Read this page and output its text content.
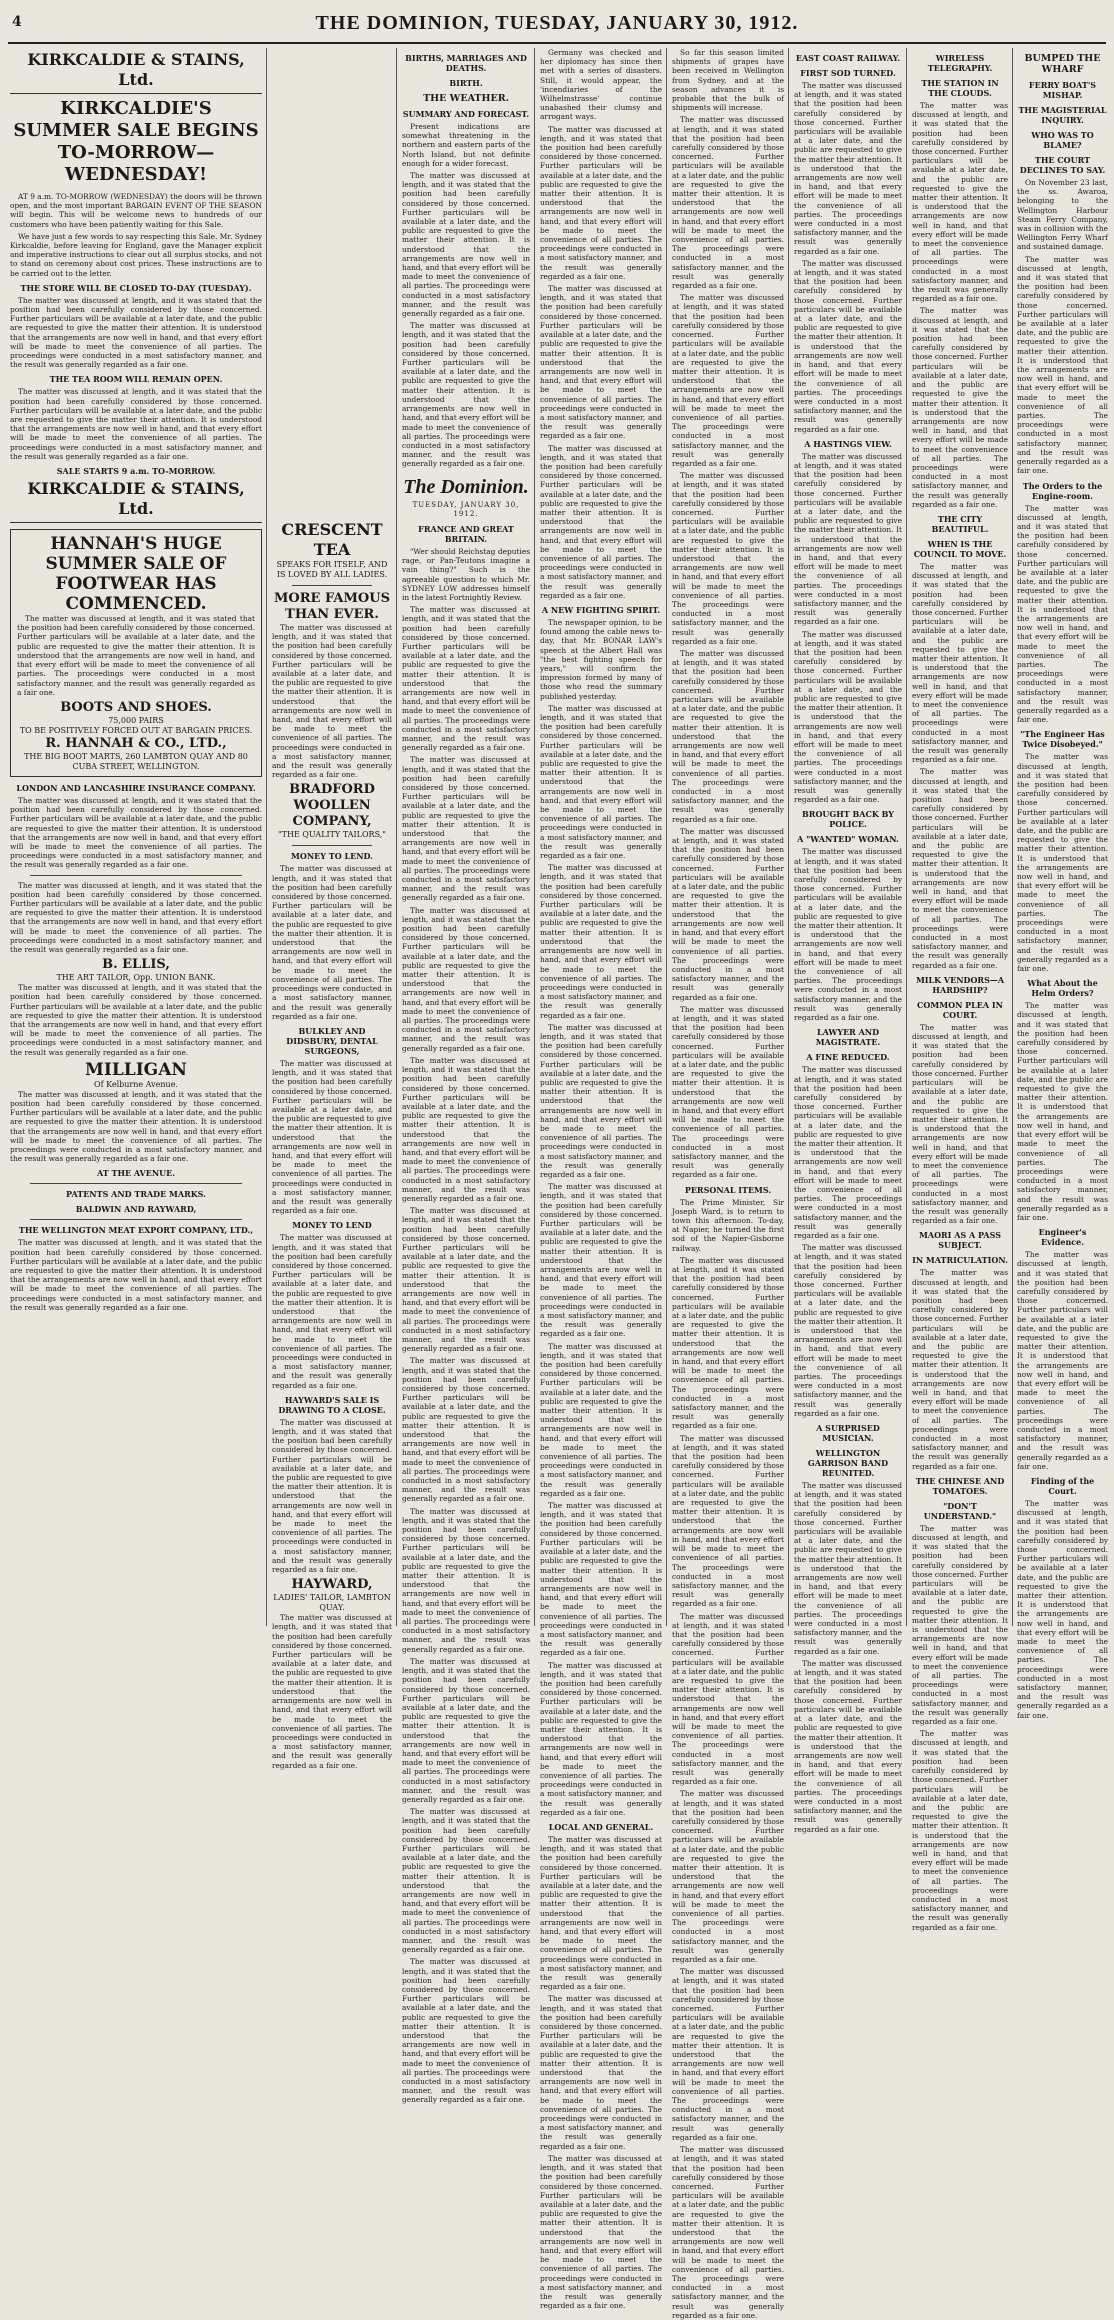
4	THE DOMINION, TUESDAY, JANUARY 30, 1912.
KIRKCALDIE & STAINS, Ltd.
KIRKCALDIE'S SUMMER SALE BEGINS TO-MORROW— WEDNESDAY!

AT 9 a.m. TO-MORROW (WEDNESDAY) the doors will be thrown open, and the most important BARGAIN EVENT OF THE SEASON will begin. This will be welcome news to hundreds of our customers who have been patiently waiting for this Sale.

We have just a few words to say respecting this Sale. Mr. Sydney Kirkcaldie, before leaving for England, gave the Manager explicit and imperative instructions to clear out all surplus stocks, and not to stand on ceremony about cost prices. These instructions are to be carried out to the letter.

THE STORE WILL BE CLOSED TO-DAY (TUESDAY).

The matter was discussed at length, and it was stated that the position had been carefully considered by those concerned. Further particulars will be available at a later date, and the public are requested to give the matter their attention. It is understood that the arrangements are now well in hand, and that every effort will be made to meet the convenience of all parties. The proceedings were conducted in a most satisfactory manner, and the result was generally regarded as a fair one.

THE TEA ROOM WILL REMAIN OPEN.

The matter was discussed at length, and it was stated that the position had been carefully considered by those concerned. Further particulars will be available at a later date, and the public are requested to give the matter their attention. It is understood that the arrangements are now well in hand, and that every effort will be made to meet the convenience of all parties. The proceedings were conducted in a most satisfactory manner, and the result was generally regarded as a fair one.

SALE STARTS 9 a.m. TO-MORROW.
KIRKCALDIE & STAINS, Ltd.
HANNAH'S HUGE SUMMER SALE OF FOOTWEAR HAS COMMENCED.

The matter was discussed at length, and it was stated that the position had been carefully considered by those concerned. Further particulars will be available at a later date, and the public are requested to give the matter their attention. It is understood that the arrangements are now well in hand, and that every effort will be made to meet the convenience of all parties. The proceedings were conducted in a most satisfactory manner, and the result was generally regarded as a fair one.

BOOTS AND SHOES.
75,000 PAIRS
TO BE POSITIVELY FORCED OUT AT BARGAIN PRICES.
R. HANNAH & CO., LTD.,
THE BIG BOOT MARTS, 260 LAMBTON QUAY AND 80 CUBA STREET, WELLINGTON.
LONDON AND LANCASHIRE INSURANCE COMPANY.

The matter was discussed at length, and it was stated that the position had been carefully considered by those concerned. Further particulars will be available at a later date, and the public are requested to give the matter their attention. It is understood that the arrangements are now well in hand, and that every effort will be made to meet the convenience of all parties. The proceedings were conducted in a most satisfactory manner, and the result was generally regarded as a fair one.

The matter was discussed at length, and it was stated that the position had been carefully considered by those concerned. Further particulars will be available at a later date, and the public are requested to give the matter their attention. It is understood that the arrangements are now well in hand, and that every effort will be made to meet the convenience of all parties. The proceedings were conducted in a most satisfactory manner, and the result was generally regarded as a fair one.

B. ELLIS,
THE ART TAILOR, Opp. UNION BANK.

The matter was discussed at length, and it was stated that the position had been carefully considered by those concerned. Further particulars will be available at a later date, and the public are requested to give the matter their attention. It is understood that the arrangements are now well in hand, and that every effort will be made to meet the convenience of all parties. The proceedings were conducted in a most satisfactory manner, and the result was generally regarded as a fair one.

MILLIGAN
Of Kelburne Avenue.

The matter was discussed at length, and it was stated that the position had been carefully considered by those concerned. Further particulars will be available at a later date, and the public are requested to give the matter their attention. It is understood that the arrangements are now well in hand, and that every effort will be made to meet the convenience of all parties. The proceedings were conducted in a most satisfactory manner, and the result was generally regarded as a fair one.

AT THE AVENUE.
PATENTS AND TRADE MARKS.
BALDWIN AND RAYWARD,
THE WELLINGTON MEAT EXPORT COMPANY, LTD.,

The matter was discussed at length, and it was stated that the position had been carefully considered by those concerned. Further particulars will be available at a later date, and the public are requested to give the matter their attention. It is understood that the arrangements are now well in hand, and that every effort will be made to meet the convenience of all parties. The proceedings were conducted in a most satisfactory manner, and the result was generally regarded as a fair one.

CRESCENT TEA
SPEAKS FOR ITSELF, AND IS LOVED BY ALL LADIES.
MORE FAMOUS THAN EVER.

The matter was discussed at length, and it was stated that the position had been carefully considered by those concerned. Further particulars will be available at a later date, and the public are requested to give the matter their attention. It is understood that the arrangements are now well in hand, and that every effort will be made to meet the convenience of all parties. The proceedings were conducted in a most satisfactory manner, and the result was generally regarded as a fair one.

BRADFORD WOOLLEN COMPANY,
"THE QUALITY TAILORS,"
MONEY TO LEND.

The matter was discussed at length, and it was stated that the position had been carefully considered by those concerned. Further particulars will be available at a later date, and the public are requested to give the matter their attention. It is understood that the arrangements are now well in hand, and that every effort will be made to meet the convenience of all parties. The proceedings were conducted in a most satisfactory manner, and the result was generally regarded as a fair one.

BULKLEY AND DIDSBURY, DENTAL SURGEONS,

The matter was discussed at length, and it was stated that the position had been carefully considered by those concerned. Further particulars will be available at a later date, and the public are requested to give the matter their attention. It is understood that the arrangements are now well in hand, and that every effort will be made to meet the convenience of all parties. The proceedings were conducted in a most satisfactory manner, and the result was generally regarded as a fair one.

MONEY TO LEND

The matter was discussed at length, and it was stated that the position had been carefully considered by those concerned. Further particulars will be available at a later date, and the public are requested to give the matter their attention. It is understood that the arrangements are now well in hand, and that every effort will be made to meet the convenience of all parties. The proceedings were conducted in a most satisfactory manner, and the result was generally regarded as a fair one.

HAYWARD'S SALE IS DRAWING TO A CLOSE.

The matter was discussed at length, and it was stated that the position had been carefully considered by those concerned. Further particulars will be available at a later date, and the public are requested to give the matter their attention. It is understood that the arrangements are now well in hand, and that every effort will be made to meet the convenience of all parties. The proceedings were conducted in a most satisfactory manner, and the result was generally regarded as a fair one.

HAYWARD,
LADIES' TAILOR, LAMBTON QUAY.

The matter was discussed at length, and it was stated that the position had been carefully considered by those concerned. Further particulars will be available at a later date, and the public are requested to give the matter their attention. It is understood that the arrangements are now well in hand, and that every effort will be made to meet the convenience of all parties. The proceedings were conducted in a most satisfactory manner, and the result was generally regarded as a fair one.

BIRTHS, MARRIAGES AND DEATHS.
BIRTH.
THE WEATHER.
SUMMARY AND FORECAST.

Present indications are somewhat threatening in the northern and eastern parts of the North Island, but not definite enough for a wider forecast.

The matter was discussed at length, and it was stated that the position had been carefully considered by those concerned. Further particulars will be available at a later date, and the public are requested to give the matter their attention. It is understood that the arrangements are now well in hand, and that every effort will be made to meet the convenience of all parties. The proceedings were conducted in a most satisfactory manner, and the result was generally regarded as a fair one.

The matter was discussed at length, and it was stated that the position had been carefully considered by those concerned. Further particulars will be available at a later date, and the public are requested to give the matter their attention. It is understood that the arrangements are now well in hand, and that every effort will be made to meet the convenience of all parties. The proceedings were conducted in a most satisfactory manner, and the result was generally regarded as a fair one.

The Dominion.
TUESDAY, JANUARY 30, 1912.
FRANCE AND GREAT BRITAIN.

"Wer should Reichstag deputies rage, or Pan-Teutons imagine a vain thing?" Such is the agreeable question to which Mr. SYDNEY LOW addresses himself in the latest Fortnightly Review.

The matter was discussed at length, and it was stated that the position had been carefully considered by those concerned. Further particulars will be available at a later date, and the public are requested to give the matter their attention. It is understood that the arrangements are now well in hand, and that every effort will be made to meet the convenience of all parties. The proceedings were conducted in a most satisfactory manner, and the result was generally regarded as a fair one.

The matter was discussed at length, and it was stated that the position had been carefully considered by those concerned. Further particulars will be available at a later date, and the public are requested to give the matter their attention. It is understood that the arrangements are now well in hand, and that every effort will be made to meet the convenience of all parties. The proceedings were conducted in a most satisfactory manner, and the result was generally regarded as a fair one.

The matter was discussed at length, and it was stated that the position had been carefully considered by those concerned. Further particulars will be available at a later date, and the public are requested to give the matter their attention. It is understood that the arrangements are now well in hand, and that every effort will be made to meet the convenience of all parties. The proceedings were conducted in a most satisfactory manner, and the result was generally regarded as a fair one.

The matter was discussed at length, and it was stated that the position had been carefully considered by those concerned. Further particulars will be available at a later date, and the public are requested to give the matter their attention. It is understood that the arrangements are now well in hand, and that every effort will be made to meet the convenience of all parties. The proceedings were conducted in a most satisfactory manner, and the result was generally regarded as a fair one.

The matter was discussed at length, and it was stated that the position had been carefully considered by those concerned. Further particulars will be available at a later date, and the public are requested to give the matter their attention. It is understood that the arrangements are now well in hand, and that every effort will be made to meet the convenience of all parties. The proceedings were conducted in a most satisfactory manner, and the result was generally regarded as a fair one.

The matter was discussed at length, and it was stated that the position had been carefully considered by those concerned. Further particulars will be available at a later date, and the public are requested to give the matter their attention. It is understood that the arrangements are now well in hand, and that every effort will be made to meet the convenience of all parties. The proceedings were conducted in a most satisfactory manner, and the result was generally regarded as a fair one.

The matter was discussed at length, and it was stated that the position had been carefully considered by those concerned. Further particulars will be available at a later date, and the public are requested to give the matter their attention. It is understood that the arrangements are now well in hand, and that every effort will be made to meet the convenience of all parties. The proceedings were conducted in a most satisfactory manner, and the result was generally regarded as a fair one.

The matter was discussed at length, and it was stated that the position had been carefully considered by those concerned. Further particulars will be available at a later date, and the public are requested to give the matter their attention. It is understood that the arrangements are now well in hand, and that every effort will be made to meet the convenience of all parties. The proceedings were conducted in a most satisfactory manner, and the result was generally regarded as a fair one.

The matter was discussed at length, and it was stated that the position had been carefully considered by those concerned. Further particulars will be available at a later date, and the public are requested to give the matter their attention. It is understood that the arrangements are now well in hand, and that every effort will be made to meet the convenience of all parties. The proceedings were conducted in a most satisfactory manner, and the result was generally regarded as a fair one.

The matter was discussed at length, and it was stated that the position had been carefully considered by those concerned. Further particulars will be available at a later date, and the public are requested to give the matter their attention. It is understood that the arrangements are now well in hand, and that every effort will be made to meet the convenience of all parties. The proceedings were conducted in a most satisfactory manner, and the result was generally regarded as a fair one.

Germany was checked and her diplomacy has since then met with a series of disasters. Still, it would appear, the 'incendiaries of the Wilhelmstrasse' continue unabashed their clumsy and arrogant ways.

The matter was discussed at length, and it was stated that the position had been carefully considered by those concerned. Further particulars will be available at a later date, and the public are requested to give the matter their attention. It is understood that the arrangements are now well in hand, and that every effort will be made to meet the convenience of all parties. The proceedings were conducted in a most satisfactory manner, and the result was generally regarded as a fair one.

The matter was discussed at length, and it was stated that the position had been carefully considered by those concerned. Further particulars will be available at a later date, and the public are requested to give the matter their attention. It is understood that the arrangements are now well in hand, and that every effort will be made to meet the convenience of all parties. The proceedings were conducted in a most satisfactory manner, and the result was generally regarded as a fair one.

The matter was discussed at length, and it was stated that the position had been carefully considered by those concerned. Further particulars will be available at a later date, and the public are requested to give the matter their attention. It is understood that the arrangements are now well in hand, and that every effort will be made to meet the convenience of all parties. The proceedings were conducted in a most satisfactory manner, and the result was generally regarded as a fair one.

A NEW FIGHTING SPIRIT.

The newspaper opinion, to be found among the cable news to-day, that Mr. BONAR LAW's speech at the Albert Hall was "the best fighting speech for years," will confirm the impression formed by many of those who read the summary published yesterday.

The matter was discussed at length, and it was stated that the position had been carefully considered by those concerned. Further particulars will be available at a later date, and the public are requested to give the matter their attention. It is understood that the arrangements are now well in hand, and that every effort will be made to meet the convenience of all parties. The proceedings were conducted in a most satisfactory manner, and the result was generally regarded as a fair one.

The matter was discussed at length, and it was stated that the position had been carefully considered by those concerned. Further particulars will be available at a later date, and the public are requested to give the matter their attention. It is understood that the arrangements are now well in hand, and that every effort will be made to meet the convenience of all parties. The proceedings were conducted in a most satisfactory manner, and the result was generally regarded as a fair one.

The matter was discussed at length, and it was stated that the position had been carefully considered by those concerned. Further particulars will be available at a later date, and the public are requested to give the matter their attention. It is understood that the arrangements are now well in hand, and that every effort will be made to meet the convenience of all parties. The proceedings were conducted in a most satisfactory manner, and the result was generally regarded as a fair one.

The matter was discussed at length, and it was stated that the position had been carefully considered by those concerned. Further particulars will be available at a later date, and the public are requested to give the matter their attention. It is understood that the arrangements are now well in hand, and that every effort will be made to meet the convenience of all parties. The proceedings were conducted in a most satisfactory manner, and the result was generally regarded as a fair one.

The matter was discussed at length, and it was stated that the position had been carefully considered by those concerned. Further particulars will be available at a later date, and the public are requested to give the matter their attention. It is understood that the arrangements are now well in hand, and that every effort will be made to meet the convenience of all parties. The proceedings were conducted in a most satisfactory manner, and the result was generally regarded as a fair one.

The matter was discussed at length, and it was stated that the position had been carefully considered by those concerned. Further particulars will be available at a later date, and the public are requested to give the matter their attention. It is understood that the arrangements are now well in hand, and that every effort will be made to meet the convenience of all parties. The proceedings were conducted in a most satisfactory manner, and the result was generally regarded as a fair one.

The matter was discussed at length, and it was stated that the position had been carefully considered by those concerned. Further particulars will be available at a later date, and the public are requested to give the matter their attention. It is understood that the arrangements are now well in hand, and that every effort will be made to meet the convenience of all parties. The proceedings were conducted in a most satisfactory manner, and the result was generally regarded as a fair one.

LOCAL AND GENERAL.

The matter was discussed at length, and it was stated that the position had been carefully considered by those concerned. Further particulars will be available at a later date, and the public are requested to give the matter their attention. It is understood that the arrangements are now well in hand, and that every effort will be made to meet the convenience of all parties. The proceedings were conducted in a most satisfactory manner, and the result was generally regarded as a fair one.

The matter was discussed at length, and it was stated that the position had been carefully considered by those concerned. Further particulars will be available at a later date, and the public are requested to give the matter their attention. It is understood that the arrangements are now well in hand, and that every effort will be made to meet the convenience of all parties. The proceedings were conducted in a most satisfactory manner, and the result was generally regarded as a fair one.

The matter was discussed at length, and it was stated that the position had been carefully considered by those concerned. Further particulars will be available at a later date, and the public are requested to give the matter their attention. It is understood that the arrangements are now well in hand, and that every effort will be made to meet the convenience of all parties. The proceedings were conducted in a most satisfactory manner, and the result was generally regarded as a fair one.

So far this season limited shipments of grapes have been received in Wellington from Sydney, and at the season advances it is probable that the bulk of shipments will increase.

The matter was discussed at length, and it was stated that the position had been carefully considered by those concerned. Further particulars will be available at a later date, and the public are requested to give the matter their attention. It is understood that the arrangements are now well in hand, and that every effort will be made to meet the convenience of all parties. The proceedings were conducted in a most satisfactory manner, and the result was generally regarded as a fair one.

The matter was discussed at length, and it was stated that the position had been carefully considered by those concerned. Further particulars will be available at a later date, and the public are requested to give the matter their attention. It is understood that the arrangements are now well in hand, and that every effort will be made to meet the convenience of all parties. The proceedings were conducted in a most satisfactory manner, and the result was generally regarded as a fair one.

The matter was discussed at length, and it was stated that the position had been carefully considered by those concerned. Further particulars will be available at a later date, and the public are requested to give the matter their attention. It is understood that the arrangements are now well in hand, and that every effort will be made to meet the convenience of all parties. The proceedings were conducted in a most satisfactory manner, and the result was generally regarded as a fair one.

The matter was discussed at length, and it was stated that the position had been carefully considered by those concerned. Further particulars will be available at a later date, and the public are requested to give the matter their attention. It is understood that the arrangements are now well in hand, and that every effort will be made to meet the convenience of all parties. The proceedings were conducted in a most satisfactory manner, and the result was generally regarded as a fair one.

The matter was discussed at length, and it was stated that the position had been carefully considered by those concerned. Further particulars will be available at a later date, and the public are requested to give the matter their attention. It is understood that the arrangements are now well in hand, and that every effort will be made to meet the convenience of all parties. The proceedings were conducted in a most satisfactory manner, and the result was generally regarded as a fair one.

The matter was discussed at length, and it was stated that the position had been carefully considered by those concerned. Further particulars will be available at a later date, and the public are requested to give the matter their attention. It is understood that the arrangements are now well in hand, and that every effort will be made to meet the convenience of all parties. The proceedings were conducted in a most satisfactory manner, and the result was generally regarded as a fair one.

PERSONAL ITEMS.

The Prime Minister, Sir Joseph Ward, is to return to town this afternoon. To-day, at Napier, he turned the first sod of the Napier-Gisborne railway.

The matter was discussed at length, and it was stated that the position had been carefully considered by those concerned. Further particulars will be available at a later date, and the public are requested to give the matter their attention. It is understood that the arrangements are now well in hand, and that every effort will be made to meet the convenience of all parties. The proceedings were conducted in a most satisfactory manner, and the result was generally regarded as a fair one.

The matter was discussed at length, and it was stated that the position had been carefully considered by those concerned. Further particulars will be available at a later date, and the public are requested to give the matter their attention. It is understood that the arrangements are now well in hand, and that every effort will be made to meet the convenience of all parties. The proceedings were conducted in a most satisfactory manner, and the result was generally regarded as a fair one.

The matter was discussed at length, and it was stated that the position had been carefully considered by those concerned. Further particulars will be available at a later date, and the public are requested to give the matter their attention. It is understood that the arrangements are now well in hand, and that every effort will be made to meet the convenience of all parties. The proceedings were conducted in a most satisfactory manner, and the result was generally regarded as a fair one.

The matter was discussed at length, and it was stated that the position had been carefully considered by those concerned. Further particulars will be available at a later date, and the public are requested to give the matter their attention. It is understood that the arrangements are now well in hand, and that every effort will be made to meet the convenience of all parties. The proceedings were conducted in a most satisfactory manner, and the result was generally regarded as a fair one.

The matter was discussed at length, and it was stated that the position had been carefully considered by those concerned. Further particulars will be available at a later date, and the public are requested to give the matter their attention. It is understood that the arrangements are now well in hand, and that every effort will be made to meet the convenience of all parties. The proceedings were conducted in a most satisfactory manner, and the result was generally regarded as a fair one.

The matter was discussed at length, and it was stated that the position had been carefully considered by those concerned. Further particulars will be available at a later date, and the public are requested to give the matter their attention. It is understood that the arrangements are now well in hand, and that every effort will be made to meet the convenience of all parties. The proceedings were conducted in a most satisfactory manner, and the result was generally regarded as a fair one.

EAST COAST RAILWAY.
FIRST SOD TURNED.

The matter was discussed at length, and it was stated that the position had been carefully considered by those concerned. Further particulars will be available at a later date, and the public are requested to give the matter their attention. It is understood that the arrangements are now well in hand, and that every effort will be made to meet the convenience of all parties. The proceedings were conducted in a most satisfactory manner, and the result was generally regarded as a fair one.

The matter was discussed at length, and it was stated that the position had been carefully considered by those concerned. Further particulars will be available at a later date, and the public are requested to give the matter their attention. It is understood that the arrangements are now well in hand, and that every effort will be made to meet the convenience of all parties. The proceedings were conducted in a most satisfactory manner, and the result was generally regarded as a fair one.

A HASTINGS VIEW.

The matter was discussed at length, and it was stated that the position had been carefully considered by those concerned. Further particulars will be available at a later date, and the public are requested to give the matter their attention. It is understood that the arrangements are now well in hand, and that every effort will be made to meet the convenience of all parties. The proceedings were conducted in a most satisfactory manner, and the result was generally regarded as a fair one.

The matter was discussed at length, and it was stated that the position had been carefully considered by those concerned. Further particulars will be available at a later date, and the public are requested to give the matter their attention. It is understood that the arrangements are now well in hand, and that every effort will be made to meet the convenience of all parties. The proceedings were conducted in a most satisfactory manner, and the result was generally regarded as a fair one.

BROUGHT BACK BY POLICE.
A "WANTED" WOMAN.

The matter was discussed at length, and it was stated that the position had been carefully considered by those concerned. Further particulars will be available at a later date, and the public are requested to give the matter their attention. It is understood that the arrangements are now well in hand, and that every effort will be made to meet the convenience of all parties. The proceedings were conducted in a most satisfactory manner, and the result was generally regarded as a fair one.

LAWYER AND MAGISTRATE.
A FINE REDUCED.

The matter was discussed at length, and it was stated that the position had been carefully considered by those concerned. Further particulars will be available at a later date, and the public are requested to give the matter their attention. It is understood that the arrangements are now well in hand, and that every effort will be made to meet the convenience of all parties. The proceedings were conducted in a most satisfactory manner, and the result was generally regarded as a fair one.

The matter was discussed at length, and it was stated that the position had been carefully considered by those concerned. Further particulars will be available at a later date, and the public are requested to give the matter their attention. It is understood that the arrangements are now well in hand, and that every effort will be made to meet the convenience of all parties. The proceedings were conducted in a most satisfactory manner, and the result was generally regarded as a fair one.

A SURPRISED MUSICIAN.
WELLINGTON GARRISON BAND REUNITED.

The matter was discussed at length, and it was stated that the position had been carefully considered by those concerned. Further particulars will be available at a later date, and the public are requested to give the matter their attention. It is understood that the arrangements are now well in hand, and that every effort will be made to meet the convenience of all parties. The proceedings were conducted in a most satisfactory manner, and the result was generally regarded as a fair one.

The matter was discussed at length, and it was stated that the position had been carefully considered by those concerned. Further particulars will be available at a later date, and the public are requested to give the matter their attention. It is understood that the arrangements are now well in hand, and that every effort will be made to meet the convenience of all parties. The proceedings were conducted in a most satisfactory manner, and the result was generally regarded as a fair one.

WIRELESS TELEGRAPHY.
THE STATION IN THE CLOUDS.

The matter was discussed at length, and it was stated that the position had been carefully considered by those concerned. Further particulars will be available at a later date, and the public are requested to give the matter their attention. It is understood that the arrangements are now well in hand, and that every effort will be made to meet the convenience of all parties. The proceedings were conducted in a most satisfactory manner, and the result was generally regarded as a fair one.

The matter was discussed at length, and it was stated that the position had been carefully considered by those concerned. Further particulars will be available at a later date, and the public are requested to give the matter their attention. It is understood that the arrangements are now well in hand, and that every effort will be made to meet the convenience of all parties. The proceedings were conducted in a most satisfactory manner, and the result was generally regarded as a fair one.

THE CITY BEAUTIFUL.
WHEN IS THE COUNCIL TO MOVE.

The matter was discussed at length, and it was stated that the position had been carefully considered by those concerned. Further particulars will be available at a later date, and the public are requested to give the matter their attention. It is understood that the arrangements are now well in hand, and that every effort will be made to meet the convenience of all parties. The proceedings were conducted in a most satisfactory manner, and the result was generally regarded as a fair one.

The matter was discussed at length, and it was stated that the position had been carefully considered by those concerned. Further particulars will be available at a later date, and the public are requested to give the matter their attention. It is understood that the arrangements are now well in hand, and that every effort will be made to meet the convenience of all parties. The proceedings were conducted in a most satisfactory manner, and the result was generally regarded as a fair one.

MILK VENDORS—A HARDSHIP?
COMMON PLEA IN COURT.

The matter was discussed at length, and it was stated that the position had been carefully considered by those concerned. Further particulars will be available at a later date, and the public are requested to give the matter their attention. It is understood that the arrangements are now well in hand, and that every effort will be made to meet the convenience of all parties. The proceedings were conducted in a most satisfactory manner, and the result was generally regarded as a fair one.

MAORI AS A PASS SUBJECT.
IN MATRICULATION.

The matter was discussed at length, and it was stated that the position had been carefully considered by those concerned. Further particulars will be available at a later date, and the public are requested to give the matter their attention. It is understood that the arrangements are now well in hand, and that every effort will be made to meet the convenience of all parties. The proceedings were conducted in a most satisfactory manner, and the result was generally regarded as a fair one.

THE CHINESE AND TOMATOES.
"DON'T UNDERSTAND."

The matter was discussed at length, and it was stated that the position had been carefully considered by those concerned. Further particulars will be available at a later date, and the public are requested to give the matter their attention. It is understood that the arrangements are now well in hand, and that every effort will be made to meet the convenience of all parties. The proceedings were conducted in a most satisfactory manner, and the result was generally regarded as a fair one.

The matter was discussed at length, and it was stated that the position had been carefully considered by those concerned. Further particulars will be available at a later date, and the public are requested to give the matter their attention. It is understood that the arrangements are now well in hand, and that every effort will be made to meet the convenience of all parties. The proceedings were conducted in a most satisfactory manner, and the result was generally regarded as a fair one.

BUMPED THE WHARF
FERRY BOAT'S MISHAP.
THE MAGISTERIAL INQUIRY.
WHO WAS TO BLAME?
THE COURT DECLINES TO SAY.

On November 23 last, the ss. Awaroa, belonging to the Wellington Harbour Steam Ferry Company, was in collision with the Wellington Ferry Wharf and sustained damage.

The matter was discussed at length, and it was stated that the position had been carefully considered by those concerned. Further particulars will be available at a later date, and the public are requested to give the matter their attention. It is understood that the arrangements are now well in hand, and that every effort will be made to meet the convenience of all parties. The proceedings were conducted in a most satisfactory manner, and the result was generally regarded as a fair one.

The Orders to the Engine-room.

The matter was discussed at length, and it was stated that the position had been carefully considered by those concerned. Further particulars will be available at a later date, and the public are requested to give the matter their attention. It is understood that the arrangements are now well in hand, and that every effort will be made to meet the convenience of all parties. The proceedings were conducted in a most satisfactory manner, and the result was generally regarded as a fair one.

"The Engineer Has Twice Disobeyed."

The matter was discussed at length, and it was stated that the position had been carefully considered by those concerned. Further particulars will be available at a later date, and the public are requested to give the matter their attention. It is understood that the arrangements are now well in hand, and that every effort will be made to meet the convenience of all parties. The proceedings were conducted in a most satisfactory manner, and the result was generally regarded as a fair one.

What About the Helm Orders?

The matter was discussed at length, and it was stated that the position had been carefully considered by those concerned. Further particulars will be available at a later date, and the public are requested to give the matter their attention. It is understood that the arrangements are now well in hand, and that every effort will be made to meet the convenience of all parties. The proceedings were conducted in a most satisfactory manner, and the result was generally regarded as a fair one.

Engineer's Evidence.

The matter was discussed at length, and it was stated that the position had been carefully considered by those concerned. Further particulars will be available at a later date, and the public are requested to give the matter their attention. It is understood that the arrangements are now well in hand, and that every effort will be made to meet the convenience of all parties. The proceedings were conducted in a most satisfactory manner, and the result was generally regarded as a fair one.

Finding of the Court.

The matter was discussed at length, and it was stated that the position had been carefully considered by those concerned. Further particulars will be available at a later date, and the public are requested to give the matter their attention. It is understood that the arrangements are now well in hand, and that every effort will be made to meet the convenience of all parties. The proceedings were conducted in a most satisfactory manner, and the result was generally regarded as a fair one.
